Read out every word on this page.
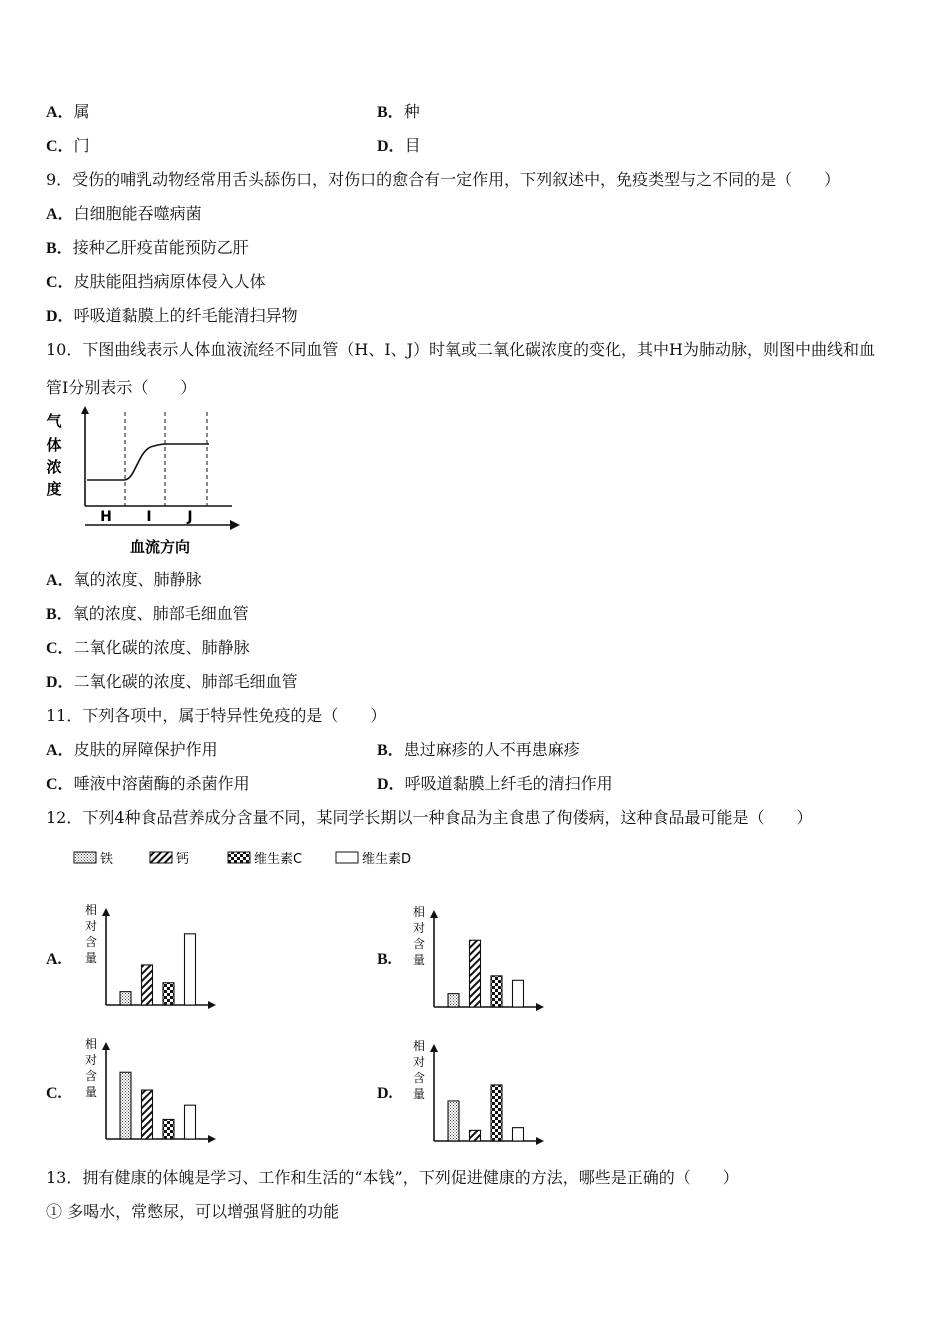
A．属	B．种
C．门	D．目
9．受伤的哺乳动物经常用舌头舔伤口，对伤口的愈合有一定作用，下列叙述中，免疫类型与之不同的是（　　）
A．白细胞能吞噬病菌
B．接种乙肝疫苗能预防乙肝
C．皮肤能阻挡病原体侵入人体
D．呼吸道黏膜上的纤毛能清扫异物
10．下图曲线表示人体血液流经不同血管（H、I、J）时氧或二氧化碳浓度的变化，其中H为肺动脉，则图中曲线和血
管Ⅰ分别表示（　　）
气
体
浓
度
H I	J
血流方向
A．氧的浓度、肺静脉
B．氧的浓度、肺部毛细血管
C．二氧化碳的浓度、肺静脉
D．二氧化碳的浓度、肺部毛细血管
11．下列各项中，属于特异性免疫的是（　　）
A．皮肤的屏障保护作用	B．患过麻疹的人不再患麻疹
C．唾液中溶菌酶的杀菌作用	D．呼吸道黏膜上纤毛的清扫作用
12．下列4种食品营养成分含量不同，某同学长期以一种食品为主食患了佝偻病，这种食品最可能是（　　）
铁	钙	维生素C	维生素D
A.	B.
C.	D.
相
对
含
量
相
对
含
量
相
对
含
量
相
对
含
量
13．拥有健康的体魄是学习、工作和生活的“本钱”，下列促进健康的方法，哪些是正确的（　　）
① 多喝水，常憋尿，可以增强肾脏的功能
